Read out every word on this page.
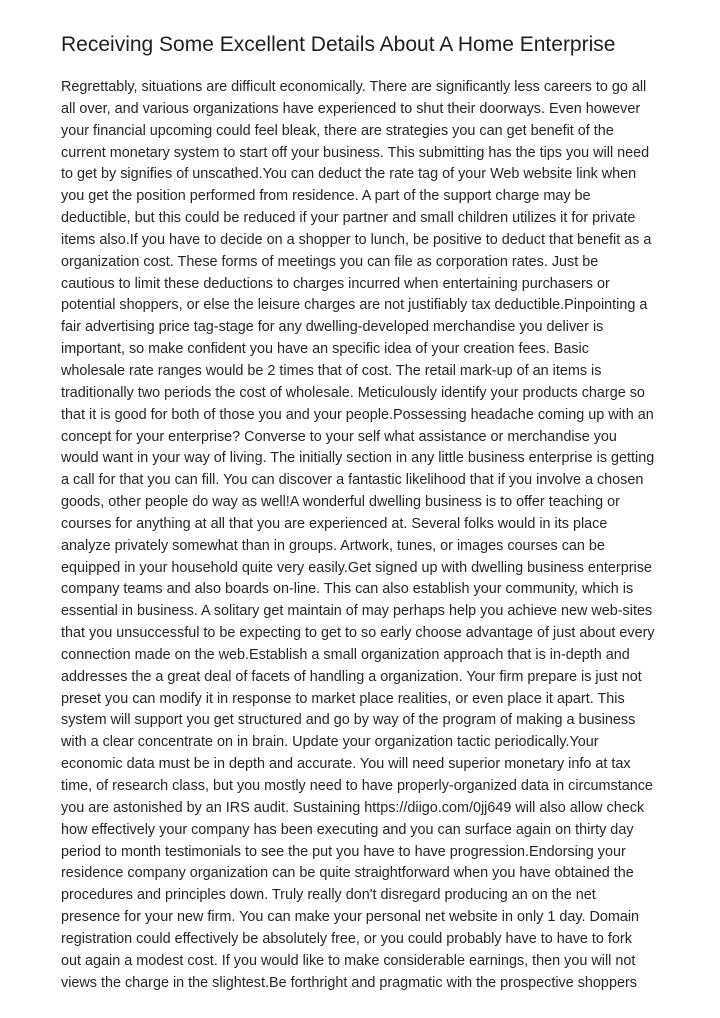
Receiving Some Excellent Details About A Home Enterprise
Regrettably, situations are difficult economically. There are significantly less careers to go all
all over, and various organizations have experienced to shut their doorways. Even however
your financial upcoming could feel bleak, there are strategies you can get benefit of the
current monetary system to start off your business. This submitting has the tips you will need
to get by signifies of unscathed.You can deduct the rate tag of your Web website link when
you get the position performed from residence. A part of the support charge may be
deductible, but this could be reduced if your partner and small children utilizes it for private
items also.If you have to decide on a shopper to lunch, be positive to deduct that benefit as a
organization cost. These forms of meetings you can file as corporation rates. Just be
cautious to limit these deductions to charges incurred when entertaining purchasers or
potential shoppers, or else the leisure charges are not justifiably tax deductible.Pinpointing a
fair advertising price tag-stage for any dwelling-developed merchandise you deliver is
important, so make confident you have an specific idea of your creation fees. Basic
wholesale rate ranges would be 2 times that of cost. The retail mark-up of an items is
traditionally two periods the cost of wholesale. Meticulously identify your products charge so
that it is good for both of those you and your people.Possessing headache coming up with an
concept for your enterprise? Converse to your self what assistance or merchandise you
would want in your way of living. The initially section in any little business enterprise is getting
a call for that you can fill. You can discover a fantastic likelihood that if you involve a chosen
goods, other people do way as well!A wonderful dwelling business is to offer teaching or
courses for anything at all that you are experienced at. Several folks would in its place
analyze privately somewhat than in groups. Artwork, tunes, or images courses can be
equipped in your household quite very easily.Get signed up with dwelling business enterprise
company teams and also boards on-line. This can also establish your community, which is
essential in business. A solitary get maintain of may perhaps help you achieve new web-sites
that you unsuccessful to be expecting to get to so early choose advantage of just about every
connection made on the web.Establish a small organization approach that is in-depth and
addresses the a great deal of facets of handling a organization. Your firm prepare is just not
preset you can modify it in response to market place realities, or even place it apart. This
system will support you get structured and go by way of the program of making a business
with a clear concentrate on in brain. Update your organization tactic periodically.Your
economic data must be in depth and accurate. You will need superior monetary info at tax
time, of research class, but you mostly need to have properly-organized data in circumstance
you are astonished by an IRS audit. Sustaining https://diigo.com/0jj649 will also allow check
how effectively your company has been executing and you can surface again on thirty day
period to month testimonials to see the put you have to have progression.Endorsing your
residence company organization can be quite straightforward when you have obtained the
procedures and principles down. Truly really don't disregard producing an on the net
presence for your new firm. You can make your personal net website in only 1 day. Domain
registration could effectively be absolutely free, or you could probably have to have to fork
out again a modest cost. If you would like to make considerable earnings, then you will not
views the charge in the slightest.Be forthright and pragmatic with the prospective shoppers
